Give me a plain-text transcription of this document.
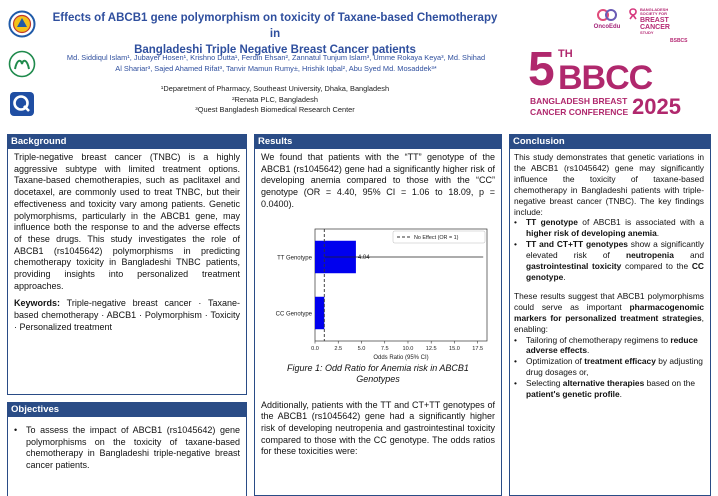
Effects of ABCB1 gene polymorphism on toxicity of Taxane-based Chemotherapy in
Bangladeshi Triple Negative Breast Cancer patients
Md. Siddiqul Islam¹, Jubayer Hosen¹, Krishno Dutta¹, Ferdin Ehsan², Zannatul Tunjum Islam³, Umme Rokaya Keya³, Md. Shihad
Al Shariar³, Sajed Ahamed Rifat³, Tanvir Mamun Rumy±, Hrishik Iqbal², Abu Syed Md. Mosaddek³*
¹Deparetment of Pharmacy, Southeast University, Dhaka, Bangladesh
²Renata PLC, Bangladesh
³Quest Bangladesh Biomedical Research Center
OncoEdu
BANGLADESH
SOCIETY FOR
BREAST
CANCER
STUDY
BSBCS
5 TH
BBCC
BANGLADESH BREAST
CANCER CONFERENCE 2025
Background

Triple-negative breast cancer (TNBC) is a highly aggressive subtype with limited treatment options. Taxane-based chemotherapies, such as paclitaxel and docetaxel, are commonly used to treat TNBC, but their effectiveness and toxicity vary among patients. Genetic polymorphisms, particularly in the ABCB1 gene, may influence both the response to and the adverse effects of these drugs. This study investigates the role of ABCB1 (rs1045642) polymorphisms in predicting chemotherapy toxicity in Bangladeshi TNBC patients, providing insights into personalized treatment approaches.

Keywords: Triple-negative breast cancer · Taxane-based chemotherapy · ABCB1 · Polymorphism · Toxicity · Personalized treatment

Objectives
• To assess the impact of ABCB1 (rs1045642) gene polymorphisms on the toxicity of taxane-based chemotherapy in Bangladeshi triple-negative breast cancer patients.
Results

We found that patients with the “TT” genotype of the ABCB1 (rs1045642) gene had a significantly higher risk of developing anemia compared to those with the “CC” genotype (OR = 4.40, 95% CI = 1.06 to 18.09, p = 0.0400).

CC Genotype
TT Genotype	4.04
0.0	2.5	5.0	7.5 10.0 12.5 15.0 17.5
Odds Ratio (95% CI)
No Effect (OR = 1)
Figure 1: Odd Ratio for Anemia risk in ABCB1
Genotypes

Additionally, patients with the TT and CT+TT genotypes of the ABCB1 (rs1045642) gene had a significantly higher risk of developing neutropenia and gastrointestinal toxicity compared to those with the CC genotype. The odds ratios for these toxicities were:

Conclusion

This study demonstrates that genetic variations in the ABCB1 (rs1045642) gene may significantly influence the toxicity of taxane-based chemotherapy in Bangladeshi patients with triple-negative breast cancer (TNBC). The key findings include:

•	TT genotype of ABCB1 is associated with a higher risk of developing anemia.
•	TT and CT+TT genotypes show a significantly elevated risk of neutropenia and gastrointestinal toxicity compared to the CC genotype.

These results suggest that ABCB1 polymorphisms could serve as important pharmacogenomic markers for personalized treatment strategies, enabling:

•	Tailoring of chemotherapy regimens to reduce adverse effects.
•	Optimization of treatment efficacy by adjusting drug dosages or,
•	Selecting alternative therapies based on the patient's genetic profile.
